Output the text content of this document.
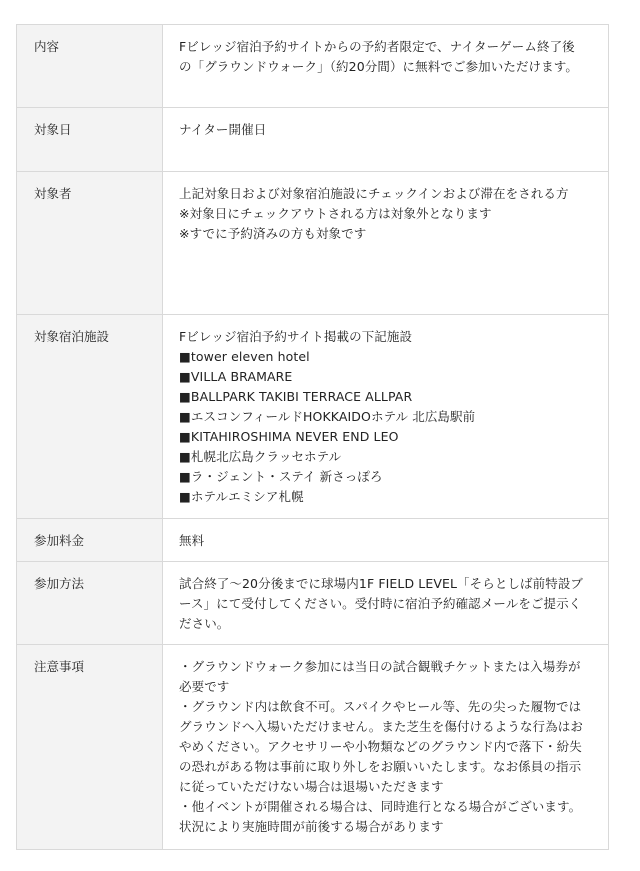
内容	Fビレッジ宿泊予約サイトからの予約者限定で、ナイターゲーム終了後
の「グラウンドウォーク」（約20分間）に無料でご参加いただけます。
対象日	ナイター開催日
対象者	上記対象日および対象宿泊施設にチェックインおよび滞在をされる方
※対象日にチェックアウトされる方は対象外となります
※すでに予約済みの方も対象です
対象宿泊施設	Fビレッジ宿泊予約サイト掲載の下記施設
■tower eleven hotel
■VILLA BRAMARE
■BALLPARK TAKIBI TERRACE ALLPAR
■エスコンフィールドHOKKAIDOホテル 北広島駅前
■KITAHIROSHIMA NEVER END LEO
■札幌北広島クラッセホテル
■ラ・ジェント・ステイ 新さっぽろ
■ホテルエミシア札幌
参加料金	無料
参加方法	試合終了～20分後までに球場内1F FIELD LEVEL「そらとしば前特設ブ
ース」にて受付してください。受付時に宿泊予約確認メールをご提示く
ださい。
注意事項	・グラウンドウォーク参加には当日の試合観戦チケットまたは入場券が
必要です
・グラウンド内は飲食不可。スパイクやヒール等、先の尖った履物では
グラウンドへ入場いただけません。また芝生を傷付けるような行為はお
やめください。アクセサリーや小物類などのグラウンド内で落下・紛失
の恐れがある物は事前に取り外しをお願いいたします。なお係員の指示
に従っていただけない場合は退場いただきます
・他イベントが開催される場合は、同時進行となる場合がございます。
状況により実施時間が前後する場合があります
